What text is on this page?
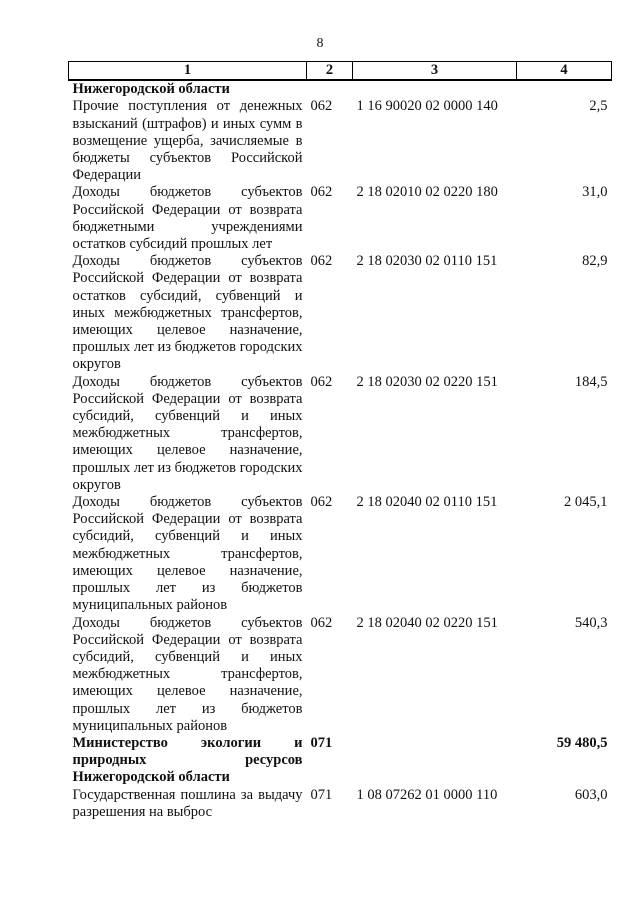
8
1	2	3	4
Нижегородской области			
Прочие поступления от денежных взысканий (штрафов) и иных сумм в возмещение ущерба, зачисляемые в бюджеты субъектов Российской Федерации	062	1 16 90020 02 0000 140	2,5
Доходы бюджетов субъектов Российской Федерации от возврата бюджетными учреждениями остатков субсидий прошлых лет	062	2 18 02010 02 0220 180	31,0
Доходы бюджетов субъектов Российской Федерации от возврата остатков субсидий, субвенций и иных межбюджетных трансфертов, имеющих целевое назначение, прошлых лет из бюджетов городских округов	062	2 18 02030 02 0110 151	82,9
Доходы бюджетов субъектов Российской Федерации от возврата субсидий, субвенций и иных межбюджетных трансфертов, имеющих целевое назначение, прошлых лет из бюджетов городских округов	062	2 18 02030 02 0220 151	184,5
Доходы бюджетов субъектов Российской Федерации от возврата субсидий, субвенций и иных межбюджетных трансфертов, имеющих целевое назначение, прошлых лет из бюджетов муниципальных районов	062	2 18 02040 02 0110 151	2 045,1
Доходы бюджетов субъектов Российской Федерации от возврата субсидий, субвенций и иных межбюджетных трансфертов, имеющих целевое назначение, прошлых лет из бюджетов муниципальных районов	062	2 18 02040 02 0220 151	540,3
Министерство экологии и природных ресурсов Нижегородской области	071		59 480,5
Государственная пошлина за выдачу разрешения на выброс	071	1 08 07262 01 0000 110	603,0
